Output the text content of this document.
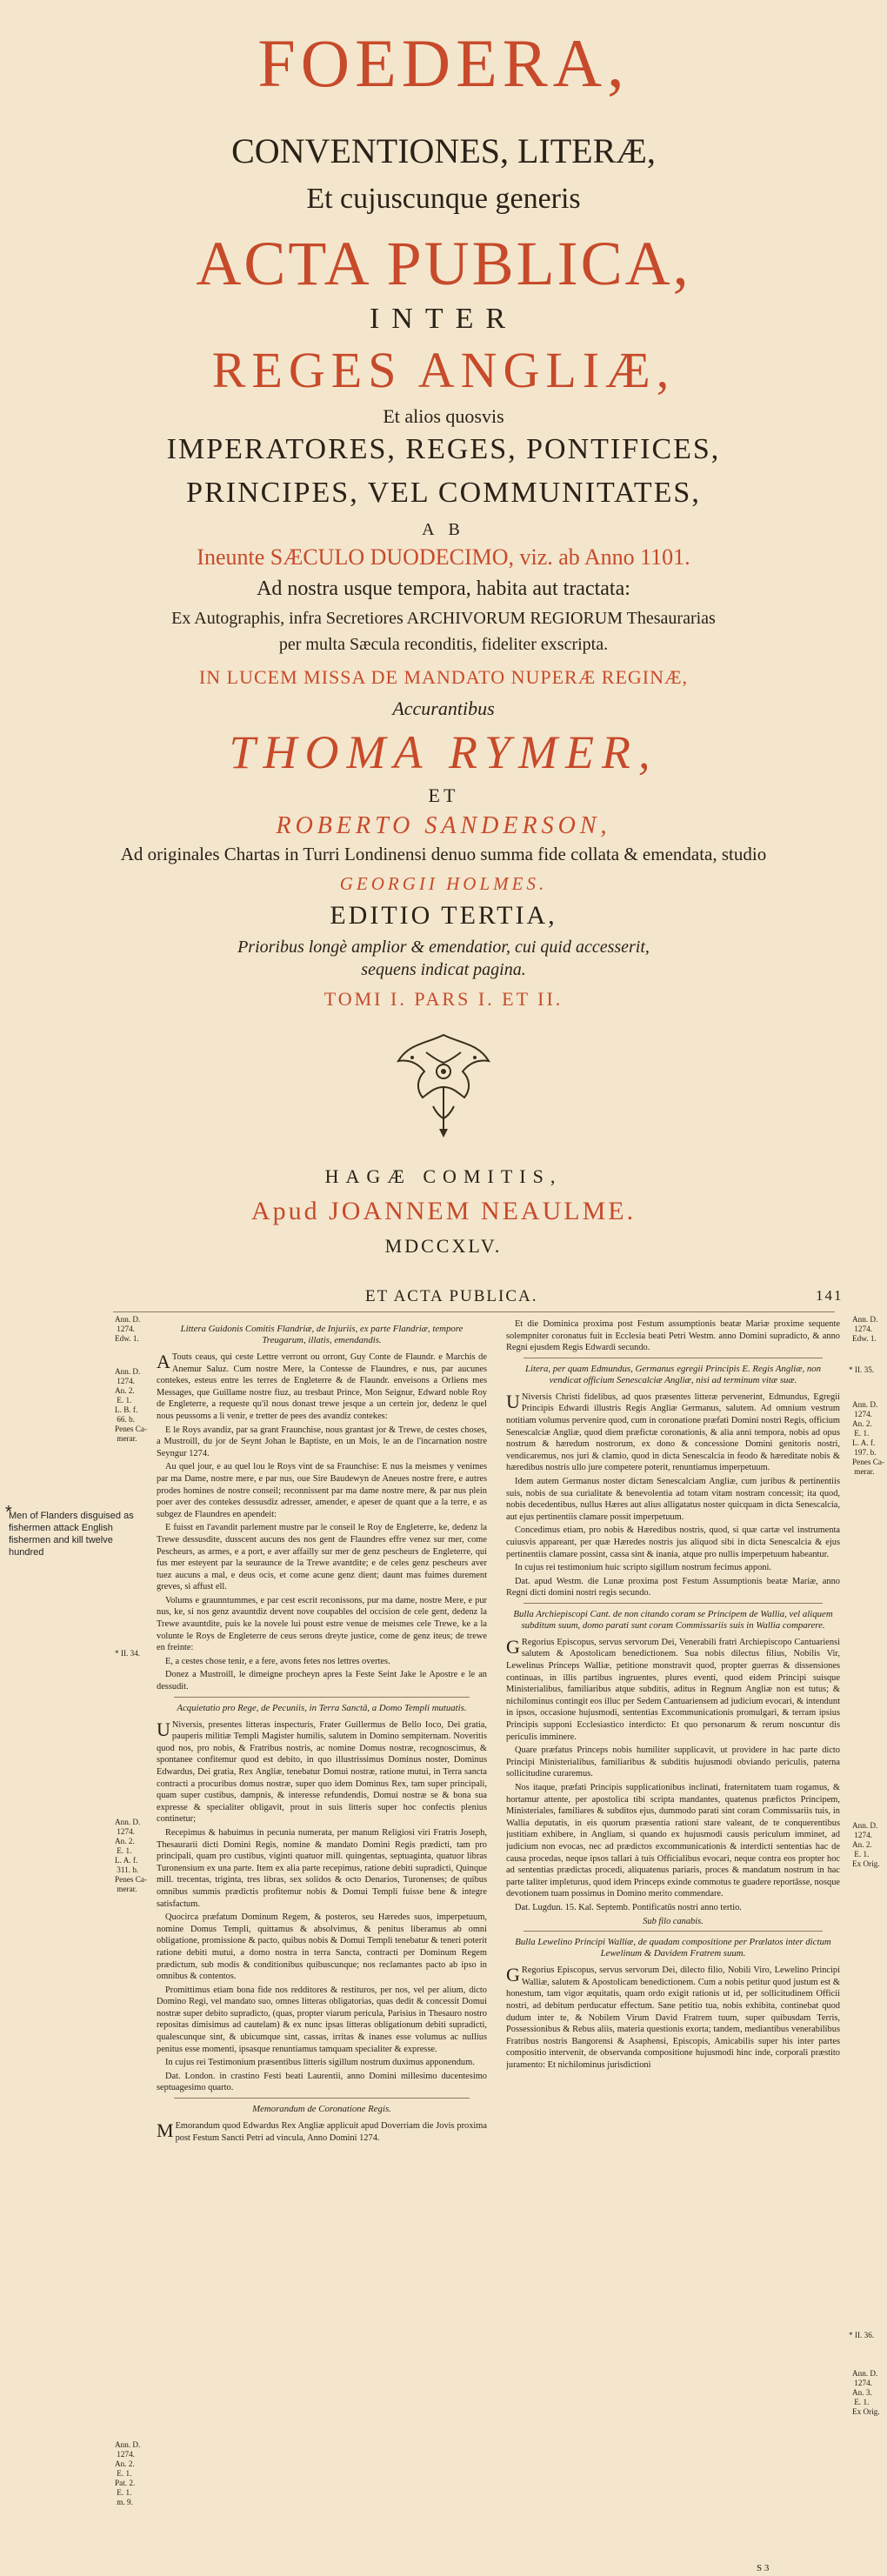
FOEDERA,
CONVENTIONES, LITERÆ,
Et cujuscunque generis
ACTA PUBLICA,
INTER
REGES ANGLIÆ,
Et alios quosvis
IMPERATORES, REGES, PONTIFICES,
PRINCIPES, VEL COMMUNITATES,
A B
Ineunte SÆCULO DUODECIMO, viz. ab Anno 1101.
Ad nostra usque tempora, habita aut tractata:
Ex Autographis, infra Secretiores ARCHIVORUM REGIORUM Thesaurarias
per multa Sæcula reconditis, fideliter exscripta.
IN LUCEM MISSA DE MANDATO NUPERÆ REGINÆ,
Accurantibus
THOMA RYMER,
ET
ROBERTO SANDERSON,
Ad originales Chartas in Turri Londinensi denuo summa fide collata & emendata, studio
GEORGII HOLMES.
EDITIO TERTIA,
Prioribus longè amplior & emendatior, cui quid accesserit,
sequens indicat pagina.
TOMI I. PARS I. ET II.
HAGÆ COMITIS,
Apud JOANNEM NEAULME.
MDCCXLV.
ET ACTA PUBLICA.	141
*
Men of Flanders disguised as fishermen attack English fishermen and kill twelve hundred
Ann. D.
1274.
Edw. 1.
Ann. D.
1274.
An. 2.
E. 1.
L. B. f.
66. b.
Penes Ca-
merar.
* II. 34.
Ann. D.
1274.
An. 2.
E. 1.
L. A. f.
311. b.
Penes Ca-
merar.
Ann. D.
1274.
An. 2.
E. 1.
Pat. 2.
E. 1.
m. 9.
Ann. D.
1274.
Edw. 1.
* II. 35.
Ann. D.
1274.
An. 2.
E. 1.
L. A. f.
197. b.
Penes Ca-
merar.
Ann. D.
1274.
An. 2.
E. 1.
Ex Orig.
* II. 36.
Ann. D.
1274.
An. 3.
E. 1.
Ex Orig.

Littera Guidonis Comitis Flandriæ, de Injuriis, ex parte Flandriæ, tempore Treugarum, illatis, emendandis.

A Touts ceaus, qui ceste Lettre verront ou orront, Guy Conte de Flaundr. e Marchis de Anemur Saluz. Cum nostre Mere, la Contesse de Flaundres, e nus, par aucunes contekes, esteus entre les terres de Engleterre & de Flaundr. enveisons a Orliens mes Messages, que Guillame nostre fiuz, au tresbaut Prince, Mon Seignur, Edward noble Roy de Engleterre, a requeste qu'il nous donast trewe jesque a un certein jor, dedenz le quel nous peussoms a li venir, e tretter de pees des avandiz contekes:

E le Roys avandiz, par sa grant Fraunchise, nous grantast jor & Trewe, de cestes choses, a Mustroill, du jor de Seynt Johan le Baptiste, en un Mois, le an de l'incarnation nostre Seyngur 1274.

Au quel jour, e au quel lou le Roys vint de sa Fraunchise: E nus la meismes y venimes par ma Dame, nostre mere, e par nus, oue Sire Baudewyn de Aneues nostre frere, e autres prodes homines de nostre conseil; reconnissent par ma dame nostre mere, & par nus plein poer aver des contekes dessusdiz adresser, amender, e apeser de quant que a la terre, e as subgez de Flaundres en apendeit:

E fuisst en l'avandit parlement mustre par le conseil le Roy de Engleterre, ke, dedenz la Trewe dessusdite, dusscent aucuns des nos gent de Flaundres effre venez sur mer, come Pescheurs, as armes, e a port, e aver affailly sur mer de genz pescheurs de Engleterre, qui fus mer esteyent par la seuraunce de la Trewe avantdite; e de celes genz pescheurs aver tuez aucuns a mal, e deus ocis, et come acune genz dient; daunt mas fuimes durement greves, si affust ell.

Volums e graunntummes, e par cest escrit reconissons, pur ma dame, nostre Mere, e pur nus, ke, si nos genz avauntdiz devent nove coupables del occision de cele gent, dedenz la Trewe avauntdite, puis ke la novele lui poust estre venue de meismes cele Trewe, ke a la volunte le Roys de Engleterre de ceus serons dreyte justice, come de genz iteus; de trewe en freinte:

E, a cestes chose tenir, e a fere, avons fetes nos lettres overtes.

Donez a Mustroill, le dimeigne procheyn apres la Feste Seint Jake le Apostre e le an dessudit.

Acquietatio pro Rege, de Pecuniis, in Terra Sanctâ, a Domo Templi mutuatis.

U Niversis, presentes litteras inspecturis, Frater Guillermus de Bello Ioco, Dei gratia, pauperis militiæ Templi Magister humilis, salutem in Domino sempiternam. Noveritis quod nos, pro nobis, & Fratribus nostris, ac nomine Domus nostræ, recognoscimus, & spontanee confitemur quod est debito, in quo illustrissimus Dominus noster, Dominus Edwardus, Dei gratia, Rex Angliæ, tenebatur Domui nostræ, ratione mutui, in Terra sancta contracti a procuribus domus nostræ, super quo idem Dominus Rex, tam super principali, quam super custibus, dampnis, & interesse refundendis, Domui nostræ se & bona sua expresse & specialiter obligavit, prout in suis litteris super hoc confectis plenius continetur;

Recepimus & habuimus in pecunia numerata, per manum Religiosi viri Fratris Joseph, Thesaurarii dicti Domini Regis, nomine & mandato Domini Regis prædicti, tam pro principali, quam pro custibus, viginti quatuor mill. quingentas, septuaginta, quatuor libras Turonensium ex una parte. Item ex alia parte recepimus, ratione debiti supradicti, Quinque mill. trecentas, triginta, tres libras, sex solidos & octo Denarios, Turonenses; de quibus omnibus summis prædictis profitemur nobis & Domui Templi fuisse bene & integre satisfactum.

Quocirca præfatum Dominum Regem, & posteros, seu Hæredes suos, imperpetuum, nomine Domus Templi, quittamus & absolvimus, & penitus liberamus ab omni obligatione, promissione & pacto, quibus nobis & Domui Templi tenebatur & teneri poterit ratione debiti mutui, a domo nostra in terra Sancta, contracti per Dominum Regem prædictum, sub modis & conditionibus quibuscunque; nos reclamantes pacto ab ipso in omnibus & contentos.

Promittimus etiam bona fide nos redditores & restituros, per nos, vel per alium, dicto Domino Regi, vel mandato suo, omnes litteras obligatorias, quas dedit & concessit Domui nostræ super debito supradicto, (quas, propter viarum pericula, Parisius in Thesauro nostro repositas dimisimus ad cautelam) & ex nunc ipsas litteras obligationum debiti supradicti, qualescunque sint, & ubicumque sint, cassas, irritas & inanes esse volumus ac nullius penitus esse momenti, ipsasque renuntiamus tamquam specialiter & expresse.

In cujus rei Testimonium præsentibus litteris sigillum nostrum duximus apponendum.

Dat. London. in crastino Festi beati Laurentii, anno Domini millesimo ducentesimo septuagesimo quarto.

Memorandum de Coronatione Regis.

M Emorandum quod Edwardus Rex Angliæ applicuit apud Doverriam die Jovis proxima post Festum Sancti Petri ad vincula, Anno Domini 1274.

Et die Dominica proxima post Festum assumptionis beatæ Mariæ proxime sequente solempniter coronatus fuit in Ecclesia beati Petri Westm. anno Domini supradicto, & anno Regni ejusdem Regis Edwardi secundo.

Litera, per quam Edmundus, Germanus egregii Principis E. Regis Angliæ, non vendicat officium Senescalciæ Angliæ, nisi ad terminum vitæ suæ.

U Niversis Christi fidelibus, ad quos præsentes litteræ pervenerint, Edmundus, Egregii Principis Edwardi illustris Regis Angliæ Germanus, salutem. Ad omnium vestrum notitiam volumus pervenire quod, cum in coronatione præfati Domini nostri Regis, officium Senescalciæ Angliæ, quod diem præfictæ coronationis, & alia anni tempora, nobis ad opus nostrum & hæredum nostrorum, ex dono & concessione Domini genitoris nostri, vendicaremus, nos juri & clamio, quod in dicta Senescalcia in feodo & hæreditate nobis & hæredibus nostris ullo jure competere poterit, renuntiamus imperpetuum.

Idem autem Germanus noster dictam Senescalciam Angliæ, cum juribus & pertinentiis suis, nobis de sua curialitate & benevolentia ad totam vitam nostram concessit; ita quod, nobis decedentibus, nullus Hæres aut alius alligatatus noster quicquam in dicta Senescalcia, aut ejus pertinentiis clamare possit imperpetuum.

Concedimus etiam, pro nobis & Hæredibus nostris, quod, si quæ cartæ vel instrumenta cuiusvis appareant, per quæ Hæredes nostris jus aliquod sibi in dicta Senescalcia & ejus pertinentiis clamare possint, cassa sint & inania, atque pro nullis imperpetuum habeantur.

In cujus rei testimonium huic scripto sigillum nostrum fecimus apponi.

Dat. apud Westm. die Lunæ proxima post Festum Assumptionis beatæ Mariæ, anno Regni dicti domini nostri regis secundo.

Bulla Archiepiscopi Cant. de non citando coram se Principem de Wallia, vel aliquem subditum suum, domo parati sunt coram Commissariis suis in Wallia comparere.

G Regorius Episcopus, servus servorum Dei, Venerabili fratri Archiepiscopo Cantuariensi salutem & Apostolicam benedictionem. Sua nobis dilectus filius, Nobilis Vir, Lewelinus Princeps Walliæ, petitione monstravit quod, propter guerras & dissensiones continuas, in illis partibus ingruentes, plures eventi, quod eidem Principi suisque Ministerialibus, familiaribus atque subditis, aditus in Regnum Angliæ non est tutus; & nichilominus contingit eos illuc per Sedem Cantuariensem ad judicium evocari, & intendunt in ipsos, occasione hujusmodi, sententias Excommunicationis promulgari, & terram ipsius Principis supponi Ecclesiastico interdicto: Et quo personarum & rerum noscuntur dis periculis imminere.

Quare præfatus Princeps nobis humiliter supplicavit, ut providere in hac parte dicto Principi Ministerialibus, familiaribus & subditis hujusmodi obviando periculis, paterna sollicitudine curaremus.

Nos itaque, præfati Principis supplicationibus inclinati, fraternitatem tuam rogamus, & hortamur attente, per apostolica tibi scripta mandantes, quatenus præfictos Principem, Ministeriales, familiares & subditos ejus, dummodo parati sint coram Commissariis tuis, in Wallia deputatis, in eis quorum præsentia rationi stare valeant, de te conquerentibus justitiam exhibere, in Angliam, si quando ex hujusmodi causis periculum imminet, ad judicium non evocas, nec ad prædictos excommunicationis & interdicti sententias hac de causa procedas, neque ipsos tallari à tuis Officialibus evocari, neque contra eos propter hoc ad sententias prædictas procedi, aliquatenus pariaris, proces & mandatum nostrum in hac parte taliter impleturus, quod idem Princeps exinde commotus te guadere reportâsse, nosque devotionem tuam possimus in Domino merito commendare.

Dat. Lugdun. 15. Kal. Septemb. Pontificatûs nostri anno tertio.

Sub filo canabis.

Bulla Lewelino Principi Walliæ, de quadam compositione per Prælatos inter dictum Lewelinum & Davidem Fratrem suum.

G Regorius Episcopus, servus servorum Dei, dilecto filio, Nobili Viro, Lewelino Principi Walliæ, salutem & Apostolicam benedictionem. Cum a nobis petitur quod justum est & honestum, tam vigor æquitatis, quam ordo exigit rationis ut id, per sollicitudinem Officii nostri, ad debitum perducatur effectum. Sane petitio tua, nobis exhibita, continebat quod dudum inter te, & Nobilem Virum David Fratrem tuum, super quibusdam Terris, Possessionibus & Rebus aliis, materia questionis exorta; tandem, mediantibus venerabilibus Fratribus nostris Bangorensi & Asaphensi, Episcopis, Amicabilis super his inter partes compositio intervenit, de observanda compositione hujusmodi hinc inde, corporali præstito juramento: Et nichilominus jurisdictioni

S 3
